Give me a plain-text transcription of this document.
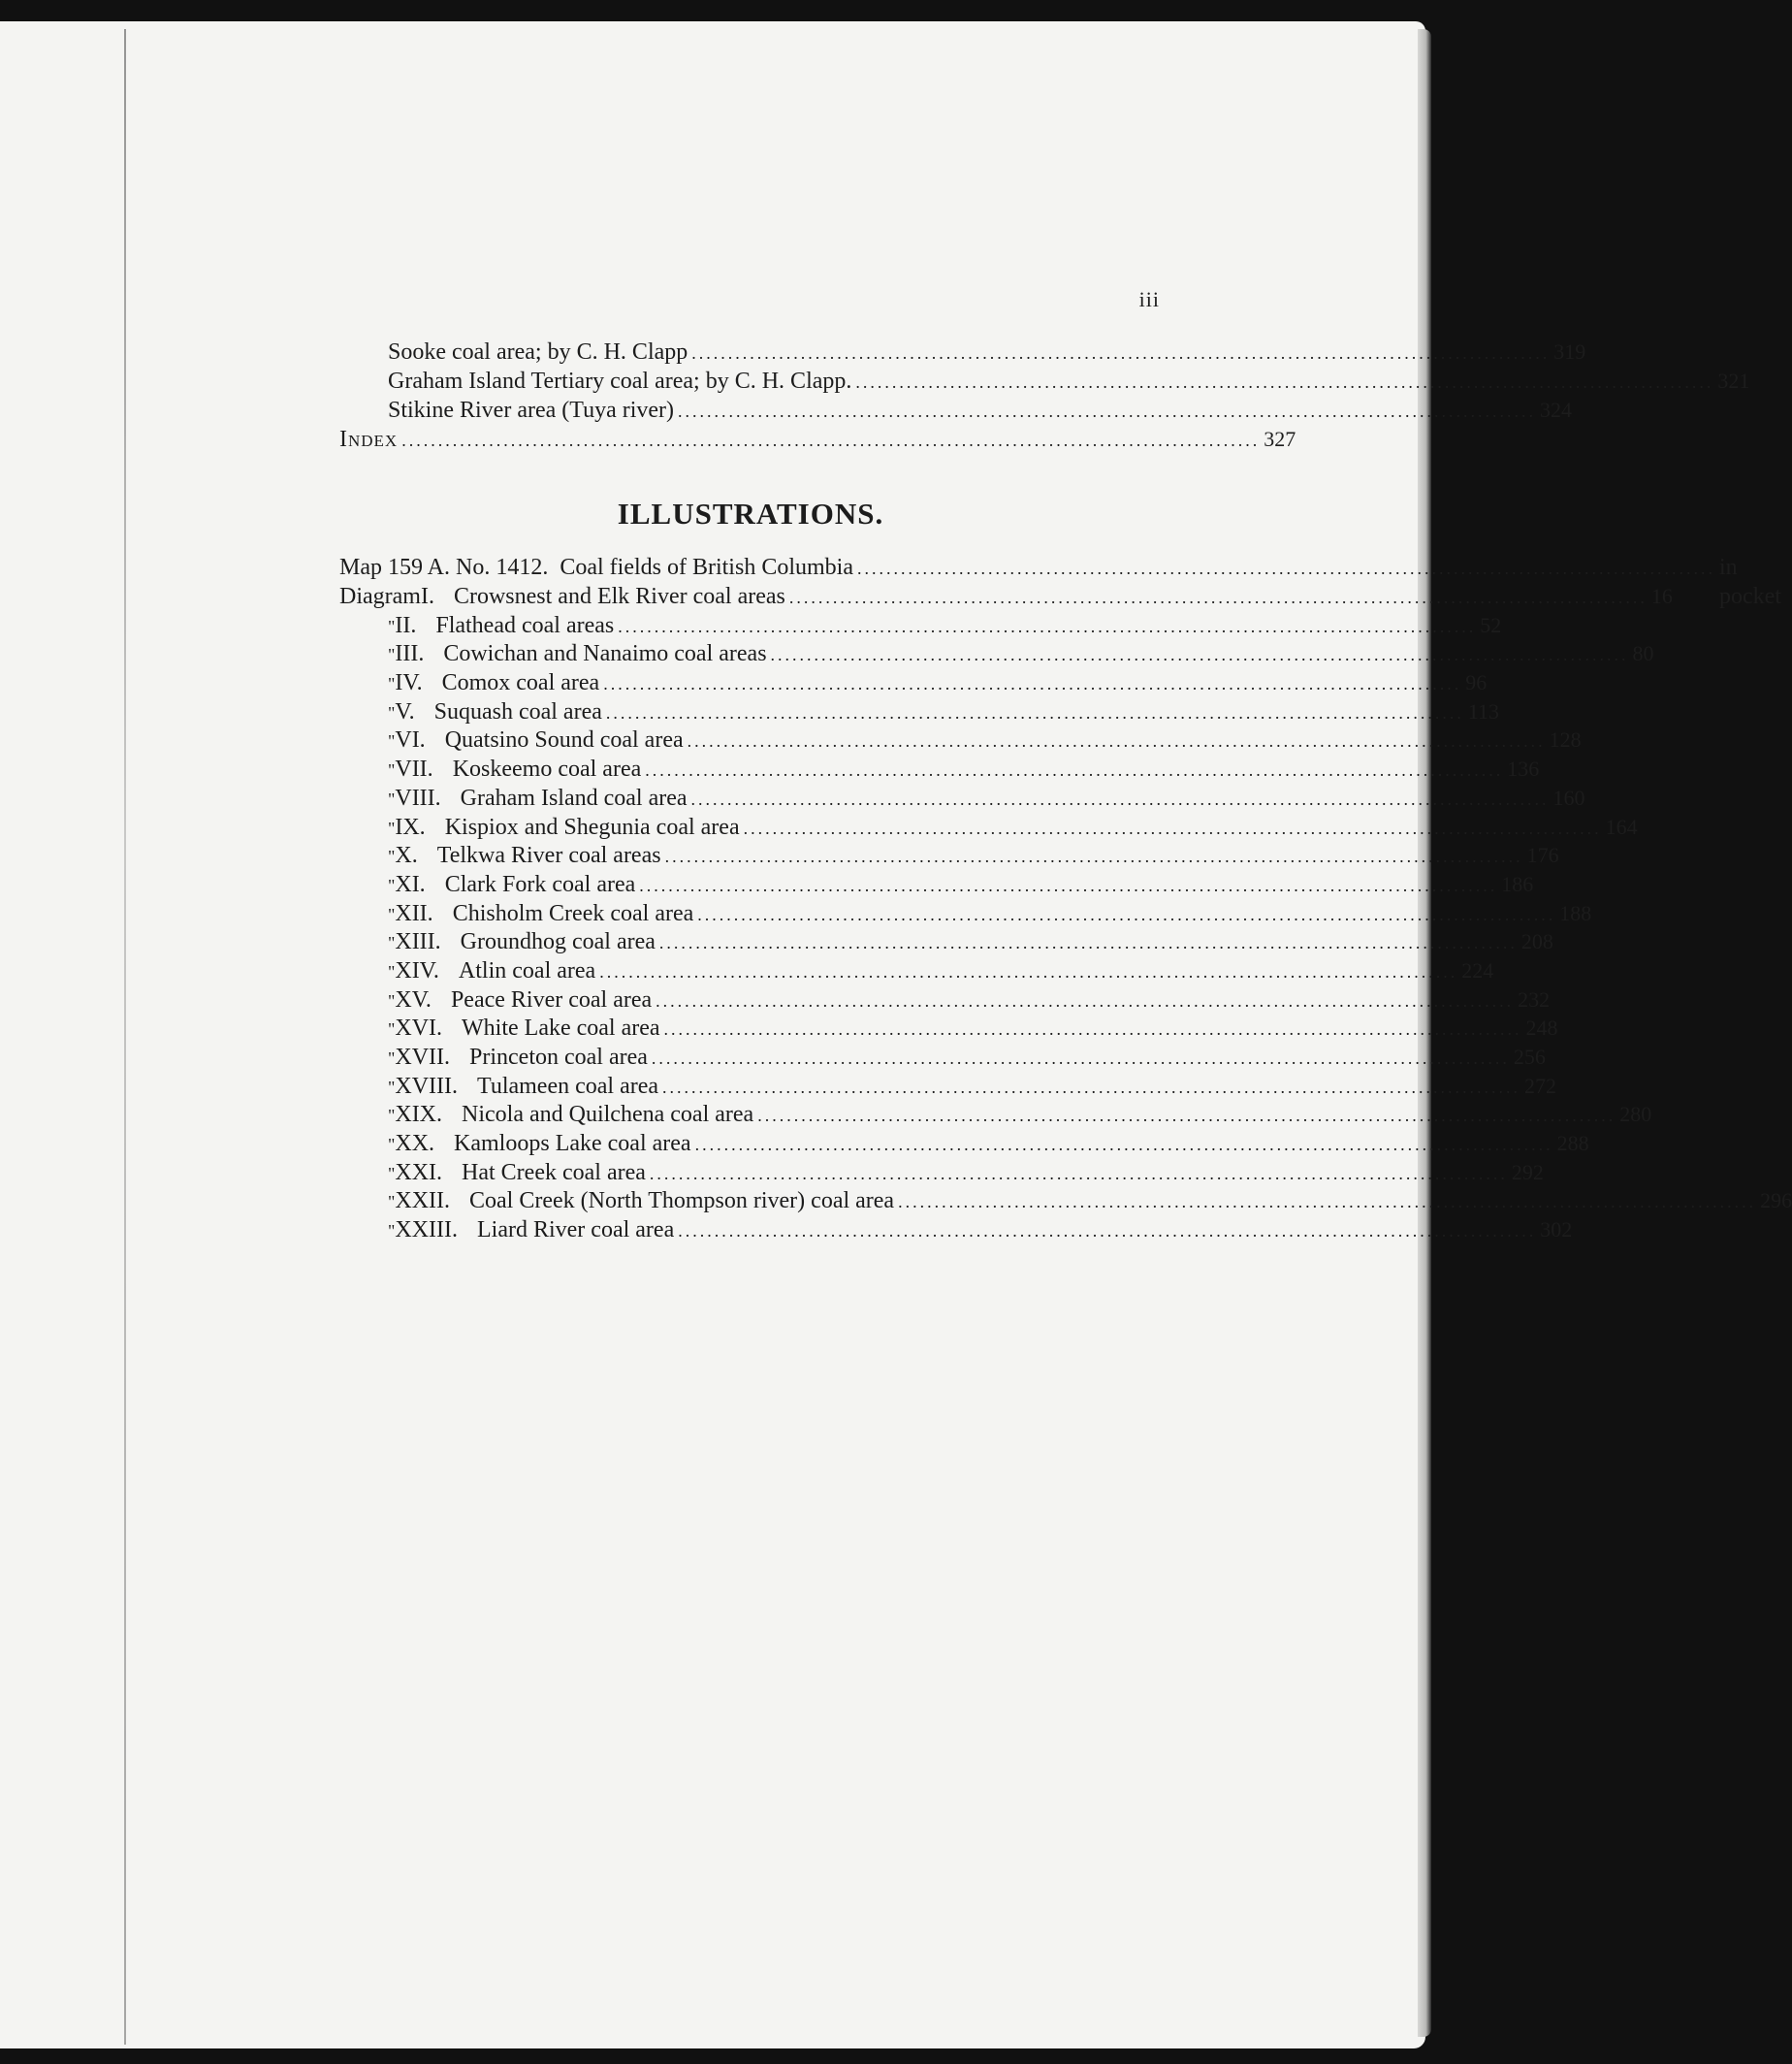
iii
Sooke coal area; by C. H. Clapp ...................................................................................................................... 319
Graham Island Tertiary coal area; by C. H. Clapp. ...................................................................................................................... 321
Stikine River area (Tuya river) ...................................................................................................................... 324
Index ...................................................................................................................... 327
ILLUSTRATIONS.
Map 159 A. No. 1412.  Coal fields of British Columbia ...................................................................................................................... in pocket
Diagram I. Crowsnest and Elk River coal areas ...................................................................................................................... 16
" II. Flathead coal areas ...................................................................................................................... 52
" III. Cowichan and Nanaimo coal areas ...................................................................................................................... 80
" IV. Comox coal area ...................................................................................................................... 96
" V. Suquash coal area ...................................................................................................................... 113
" VI. Quatsino Sound coal area ...................................................................................................................... 128
" VII. Koskeemo coal area ...................................................................................................................... 136
" VIII. Graham Island coal area ...................................................................................................................... 160
" IX. Kispiox and Shegunia coal area ...................................................................................................................... 164
" X. Telkwa River coal areas ...................................................................................................................... 176
" XI. Clark Fork coal area ...................................................................................................................... 186
" XII. Chisholm Creek coal area ...................................................................................................................... 188
" XIII. Groundhog coal area ...................................................................................................................... 208
" XIV. Atlin coal area ...................................................................................................................... 224
" XV. Peace River coal area ...................................................................................................................... 232
" XVI. White Lake coal area ...................................................................................................................... 248
" XVII. Princeton coal area ...................................................................................................................... 256
" XVIII. Tulameen coal area ...................................................................................................................... 272
" XIX. Nicola and Quilchena coal area ...................................................................................................................... 280
" XX. Kamloops Lake coal area ...................................................................................................................... 288
" XXI. Hat Creek coal area ...................................................................................................................... 292
" XXII. Coal Creek (North Thompson river) coal area ...................................................................................................................... 296
" XXIII. Liard River coal area ...................................................................................................................... 302
